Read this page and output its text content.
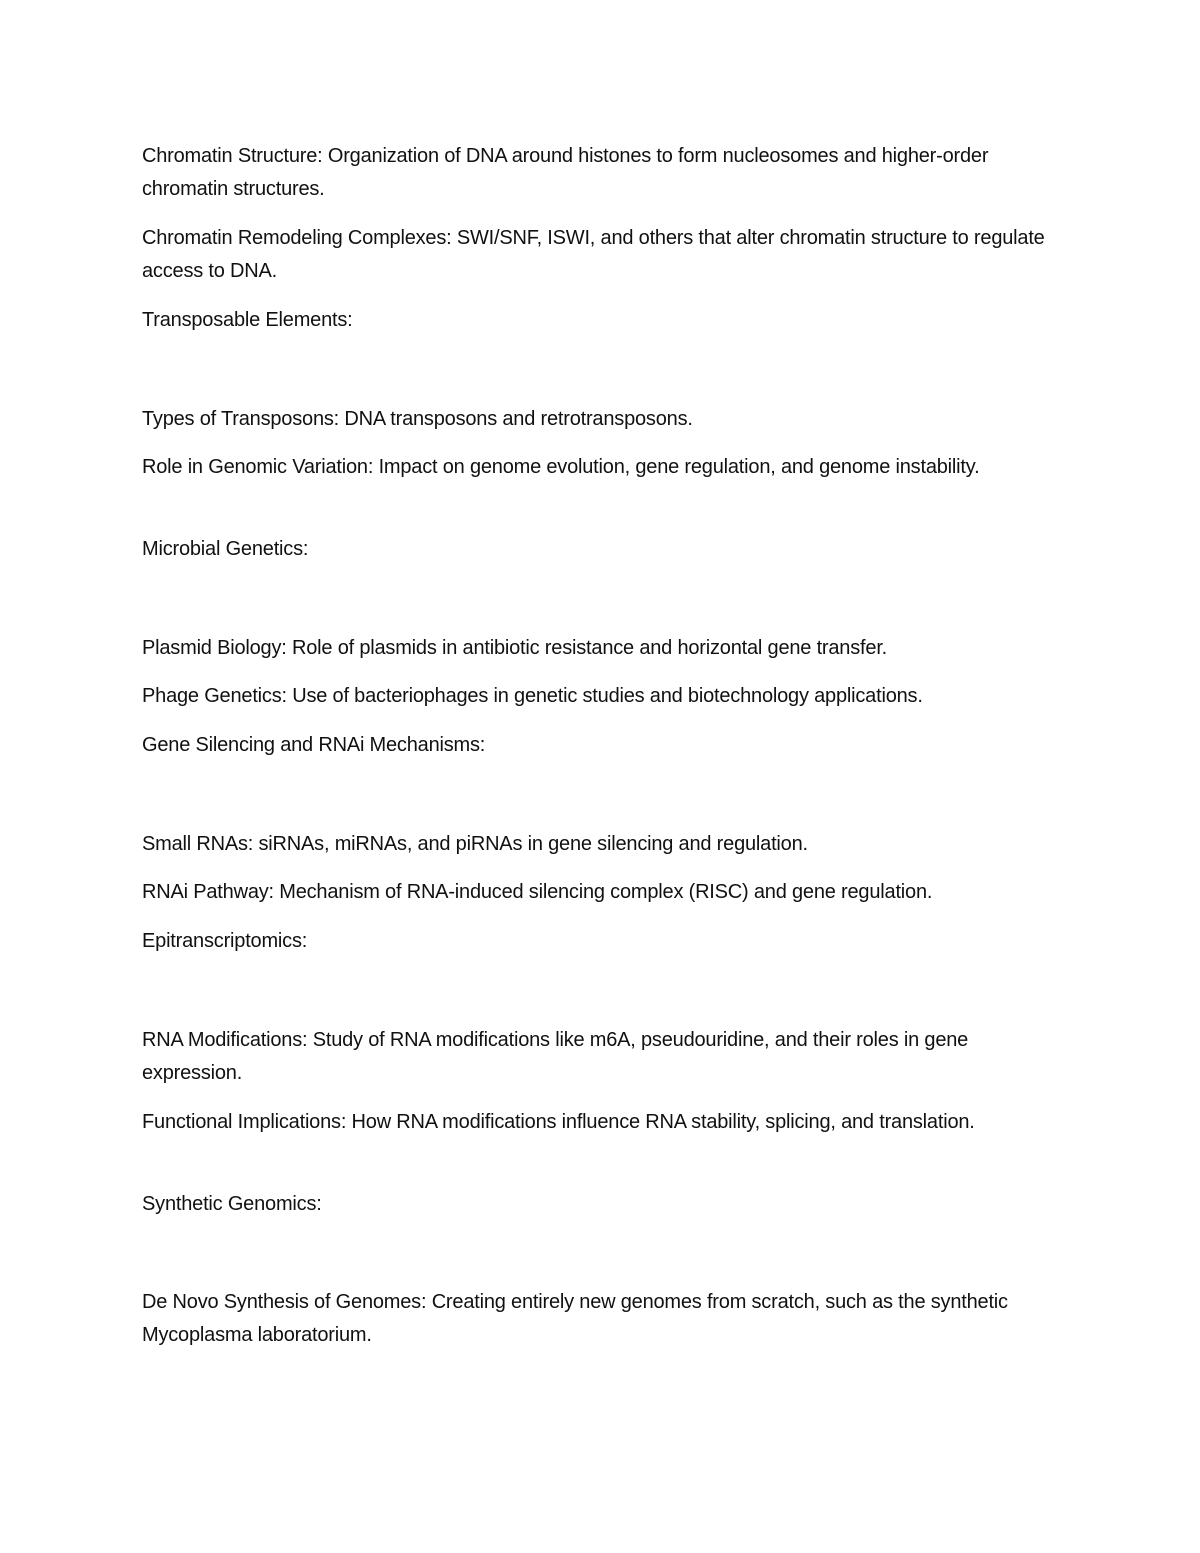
Chromatin Structure: Organization of DNA around histones to form nucleosomes and higher-order chromatin structures.

Chromatin Remodeling Complexes: SWI/SNF, ISWI, and others that alter chromatin structure to regulate access to DNA.

Transposable Elements:

Types of Transposons: DNA transposons and retrotransposons.

Role in Genomic Variation: Impact on genome evolution, gene regulation, and genome instability.

Microbial Genetics:

Plasmid Biology: Role of plasmids in antibiotic resistance and horizontal gene transfer.

Phage Genetics: Use of bacteriophages in genetic studies and biotechnology applications.

Gene Silencing and RNAi Mechanisms:

Small RNAs: siRNAs, miRNAs, and piRNAs in gene silencing and regulation.

RNAi Pathway: Mechanism of RNA-induced silencing complex (RISC) and gene regulation.

Epitranscriptomics:

RNA Modifications: Study of RNA modifications like m6A, pseudouridine, and their roles in gene expression.

Functional Implications: How RNA modifications influence RNA stability, splicing, and translation.

Synthetic Genomics:

De Novo Synthesis of Genomes: Creating entirely new genomes from scratch, such as the synthetic Mycoplasma laboratorium.
